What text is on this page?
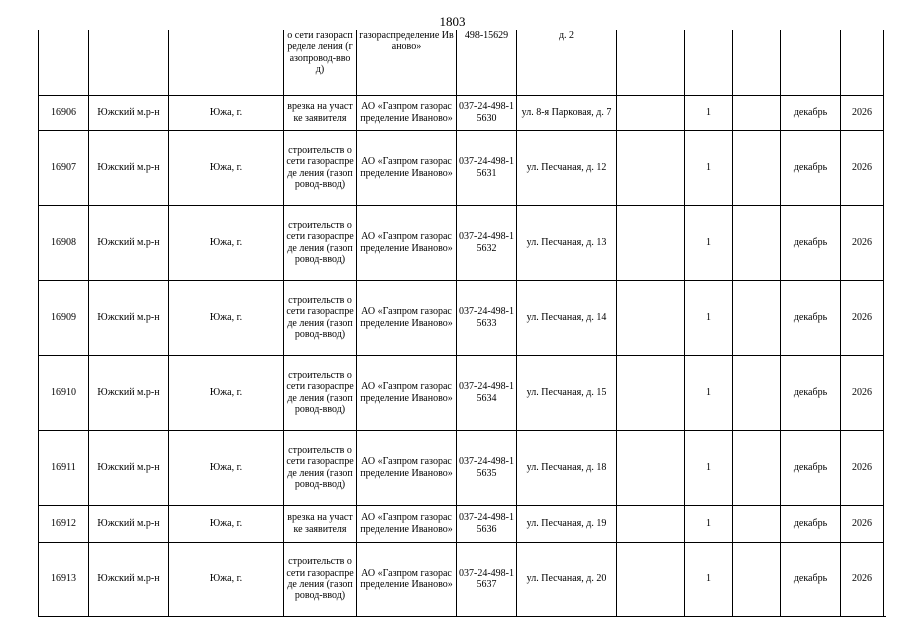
1803
			о сети газораспределе ления (газопровод-ввод)	газораспределение Иваново»	498-15629	д. 2					
16906	Южский м.р-н	Южа, г.	врезка на участке заявителя	АО «Газпром газораспределение Иваново»	037-24-498-15630	ул. 8-я Парковая, д. 7		1		декабрь	2026
16907	Южский м.р-н	Южа, г.	строительств о сети газораспреде ления (газопровод-ввод)	АО «Газпром газораспределение Иваново»	037-24-498-15631	ул. Песчаная, д. 12		1		декабрь	2026
16908	Южский м.р-н	Южа, г.	строительств о сети газораспреде ления (газопровод-ввод)	АО «Газпром газораспределение Иваново»	037-24-498-15632	ул. Песчаная, д. 13		1		декабрь	2026
16909	Южский м.р-н	Южа, г.	строительств о сети газораспреде ления (газопровод-ввод)	АО «Газпром газораспределение Иваново»	037-24-498-15633	ул. Песчаная, д. 14		1		декабрь	2026
16910	Южский м.р-н	Южа, г.	строительств о сети газораспреде ления (газопровод-ввод)	АО «Газпром газораспределение Иваново»	037-24-498-15634	ул. Песчаная, д. 15		1		декабрь	2026
16911	Южский м.р-н	Южа, г.	строительств о сети газораспреде ления (газопровод-ввод)	АО «Газпром газораспределение Иваново»	037-24-498-15635	ул. Песчаная, д. 18		1		декабрь	2026
16912	Южский м.р-н	Южа, г.	врезка на участке заявителя	АО «Газпром газораспределение Иваново»	037-24-498-15636	ул. Песчаная, д. 19		1		декабрь	2026
16913	Южский м.р-н	Южа, г.	строительств о сети газораспреде ления (газопровод-ввод)	АО «Газпром газораспределение Иваново»	037-24-498-15637	ул. Песчаная, д. 20		1		декабрь	2026
